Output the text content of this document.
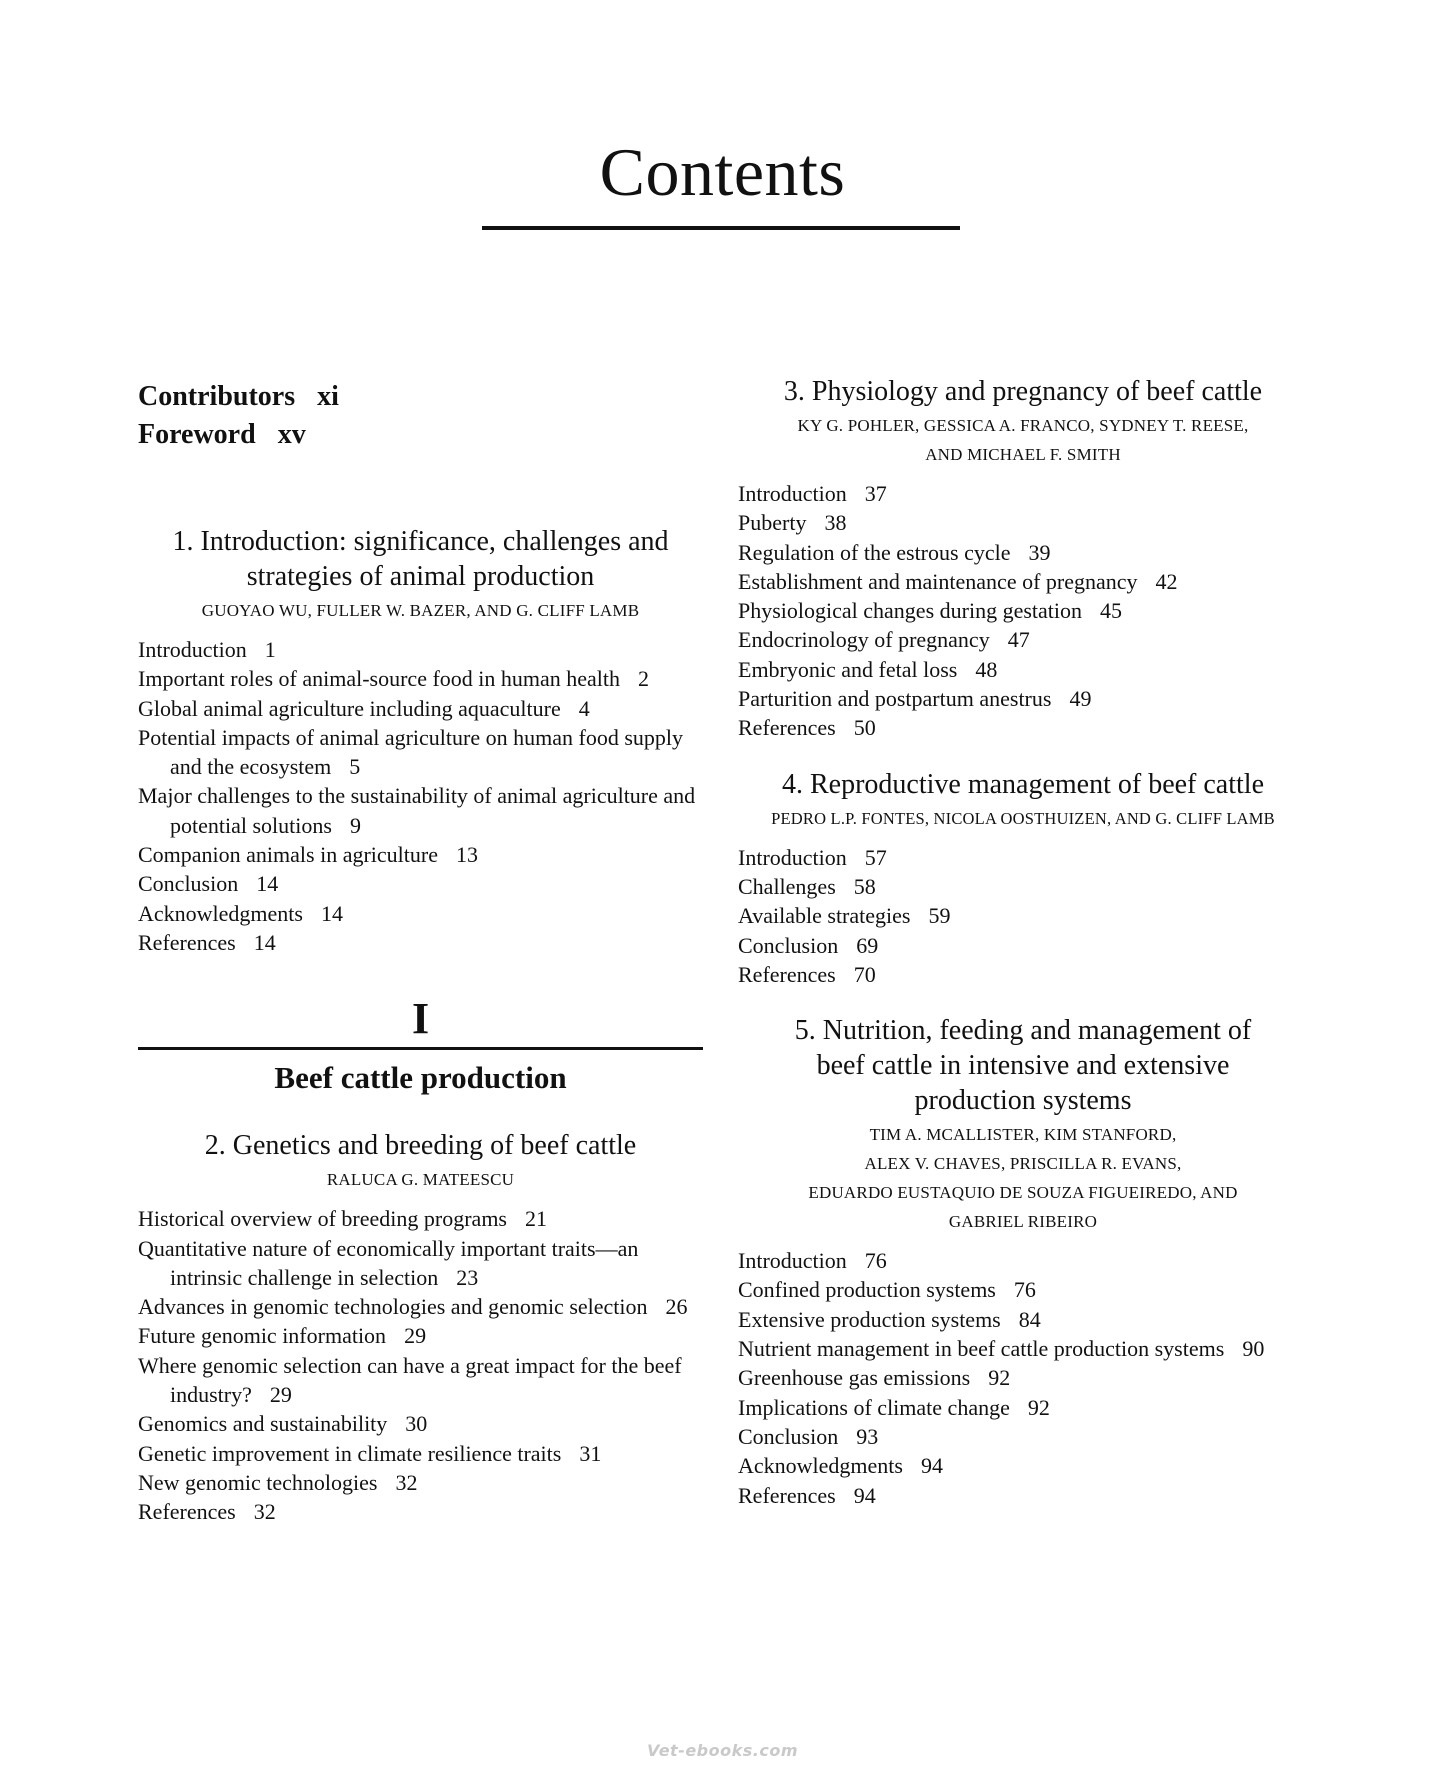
Contents
Contributors xi
Foreword xv
1. Introduction: significance, challenges and
strategies of animal production
GUOYAO WU, FULLER W. BAZER, AND G. CLIFF LAMB
Introduction 1
Important roles of animal-source food in human health 2
Global animal agriculture including aquaculture 4
Potential impacts of animal agriculture on human food supply and the ecosystem 5
Major challenges to the sustainability of animal agriculture and potential solutions 9
Companion animals in agriculture 13
Conclusion 14
Acknowledgments 14
References 14
I
Beef cattle production
2. Genetics and breeding of beef cattle
RALUCA G. MATEESCU
Historical overview of breeding programs 21
Quantitative nature of economically important traits—an intrinsic challenge in selection 23
Advances in genomic technologies and genomic selection 26
Future genomic information 29
Where genomic selection can have a great impact for the beef industry? 29
Genomics and sustainability 30
Genetic improvement in climate resilience traits 31
New genomic technologies 32
References 32
3. Physiology and pregnancy of beef cattle
KY G. POHLER, GESSICA A. FRANCO, SYDNEY T. REESE,
AND MICHAEL F. SMITH
Introduction 37
Puberty 38
Regulation of the estrous cycle 39
Establishment and maintenance of pregnancy 42
Physiological changes during gestation 45
Endocrinology of pregnancy 47
Embryonic and fetal loss 48
Parturition and postpartum anestrus 49
References 50
4. Reproductive management of beef cattle
PEDRO L.P. FONTES, NICOLA OOSTHUIZEN, AND G. CLIFF LAMB
Introduction 57
Challenges 58
Available strategies 59
Conclusion 69
References 70
5. Nutrition, feeding and management of
beef cattle in intensive and extensive
production systems
TIM A. MCALLISTER, KIM STANFORD,
ALEX V. CHAVES, PRISCILLA R. EVANS,
EDUARDO EUSTAQUIO DE SOUZA FIGUEIREDO, AND
GABRIEL RIBEIRO
Introduction 76
Confined production systems 76
Extensive production systems 84
Nutrient management in beef cattle production systems 90
Greenhouse gas emissions 92
Implications of climate change 92
Conclusion 93
Acknowledgments 94
References 94
Vet-ebooks.com
